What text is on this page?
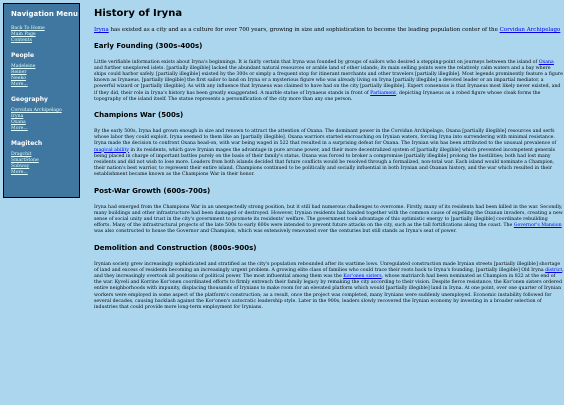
Navigation Menu
Back To Home
Main Page
Contents
People
Madeleine
Reiner
Neeko
More...
Geography
Corvidan Archipelago
Iryna
Oxana
More...
Magitech
Dragchit
SmartStone
Subway
More...
History of Iryna
Iryna has existed as a city and as a culture for over 700 years, growing in size and sophistication to become the leading population center of the Corvidan Archipelago
Early Founding (300s-400s)

Little verifiable information exists about Iryna's beginnings. It is fairly certain that Iryna was founded by groups of sailors who desired a stepping-point on journeys between the island of Oxana and further unexplored islets. [partially illegible] lacked the abundant natural resources or arable land of other islands; its main selling points were the relatively calm waters and a bay where ships could harbor safely. [partially illegible] existed by the 300s or simply a frequent stop for itinerant merchants and other travelers [partially illegible]. Most legends prominently feature a figure known as Irynaeus, [partially illegible] the first sailor to land on Iryna or a mysterious figure who was already living on Iryna [partially illegible] a devoted leader or an impartial mediator, a powerful wizard or [partially illegible]. As with any influence that Irynaeus was claimed to have had on the city [partially illegible]. Expert consensus is that Irynaeus most likely never existed, and if they did, their role in Iryna's history has been greatly exaggerated. A marble statue of Irynaeus stands in front of Parliament, depicting Irynaeus as a robed figure whose cloak forms the topography of the island itself. The statue represents a personification of the city more than any one person.

Champions War (500s)

By the early 500s, Iryna had grown enough in size and renown to attract the attention of Oxana. The dominant power in the Corvidan Archipelago, Oxana [partially illegible] resources and serfs whose labor they could exploit. Iryna seemed to them like an [partially illegible]. Oxana warriors started encroaching on Irynian waters, forcing Iryna into surrendering with minimal resistance. Iryna made the decision to confront Oxana head-on, with war being waged in 522 that resulted in a surprising defeat for Oxana. The Irynian win has been attributed to the unusual prevalence of magical ability in its residents, which gave Irynian mages the advantage in pure arcane power, and their more decentralized system of [partially illegible] which prevented incompetent generals being placed in charge of important battles purely on the basis of their family's status. Oxana was forced to broker a compromise [partially illegible] prolong the hostilities; both had lost many residents and did not wish to lose more. Leaders from both islands decided that future conflicts would be resolved through a formalized, non-total war. Each island would nominate a Champion, their nation's best warrior, to represent their entire island. Champions continued to be politically and socially influential in both Irynian and Oxanan history, and the war which resulted in their establishment became known as the Champions War in their honor.

Post-War Growth (600s-700s)

Iryna had emerged from the Champions War in an unexpectedly strong position, but it still had numerous challenges to overcome. Firstly, many of its residents had been killed in the war. Secondly, many buildings and other infrastructure had been damaged or destroyed. However, Irynian residents had banded together with the common cause of expelling the Oxanan invaders, creating a new sense of social unity and trust in the city's government to promote its residents' welfare. The government took advantage of this optimistic energy to [partially illegible] coordinate rebuilding efforts. Many of the infrastructural projects of the late 500s to early 600s were intended to prevent future attacks on the city, such as the tall fortifications along the coast. The Governor's Mansion was also constructed to house the Governor and Champion, which was extensively renovated over the centuries but still stands as Iryna's seat of power.

Demolition and Construction (800s-900s)

Irynian society grew increasingly sophisticated and stratified as the city's population rebounded after its wartime lows. Unregulated construction made Irynian streets [partially illegible] shortage of land and excess of residents becoming an increasingly urgent problem. A growing elite class of families who could trace their roots back to Iryna's founding, [partially illegible] Old Iryna district, and they increasingly overtook all positions of political power. The most influential among them was the Kor'onen sisters, whose matriarch had been nominated as Champion in 822 at the end of the war. Kyveli and Korrine Kor'onen coordinated efforts to firmly entrench their family legacy by remaking the city according to their vision. Despite fierce resistance, the Kor'onen sisters ordered entire neighborhoods with impunity, displacing thousands of Irynians to make room for an elevated platform which would [partially illegible] land in Iryna. At one point, over one quarter of Irynian workers were employed in some aspect of the platform's construction; as a result, once the project was completed, many Irynians were suddenly unemployed. Economic instability followed for several decades, causing backlash against the Kor'onen's autocratic leadership style. Later in the 900s, leaders slowly recovered the Irynian economy by investing in a broader selection of industries that could provide more long-term employment for Irynians.
